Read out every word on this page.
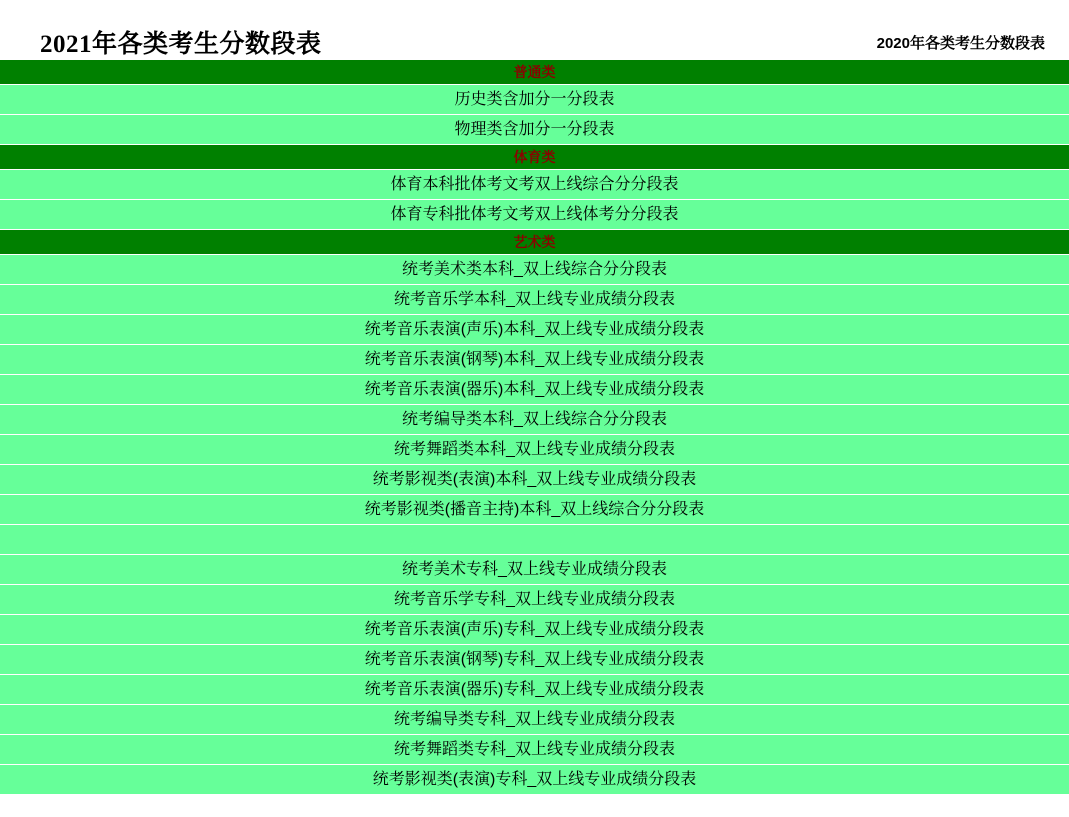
2021年各类考生分数段表	2020年各类考生分数段表
普通类
历史类含加分一分段表
物理类含加分一分段表
体育类
体育本科批体考文考双上线综合分分段表
体育专科批体考文考双上线体考分分段表
艺术类
统考美术类本科_双上线综合分分段表
统考音乐学本科_双上线专业成绩分段表
统考音乐表演(声乐)本科_双上线专业成绩分段表
统考音乐表演(钢琴)本科_双上线专业成绩分段表
统考音乐表演(器乐)本科_双上线专业成绩分段表
统考编导类本科_双上线综合分分段表
统考舞蹈类本科_双上线专业成绩分段表
统考影视类(表演)本科_双上线专业成绩分段表
统考影视类(播音主持)本科_双上线综合分分段表
统考美术专科_双上线专业成绩分段表
统考音乐学专科_双上线专业成绩分段表
统考音乐表演(声乐)专科_双上线专业成绩分段表
统考音乐表演(钢琴)专科_双上线专业成绩分段表
统考音乐表演(器乐)专科_双上线专业成绩分段表
统考编导类专科_双上线专业成绩分段表
统考舞蹈类专科_双上线专业成绩分段表
统考影视类(表演)专科_双上线专业成绩分段表
